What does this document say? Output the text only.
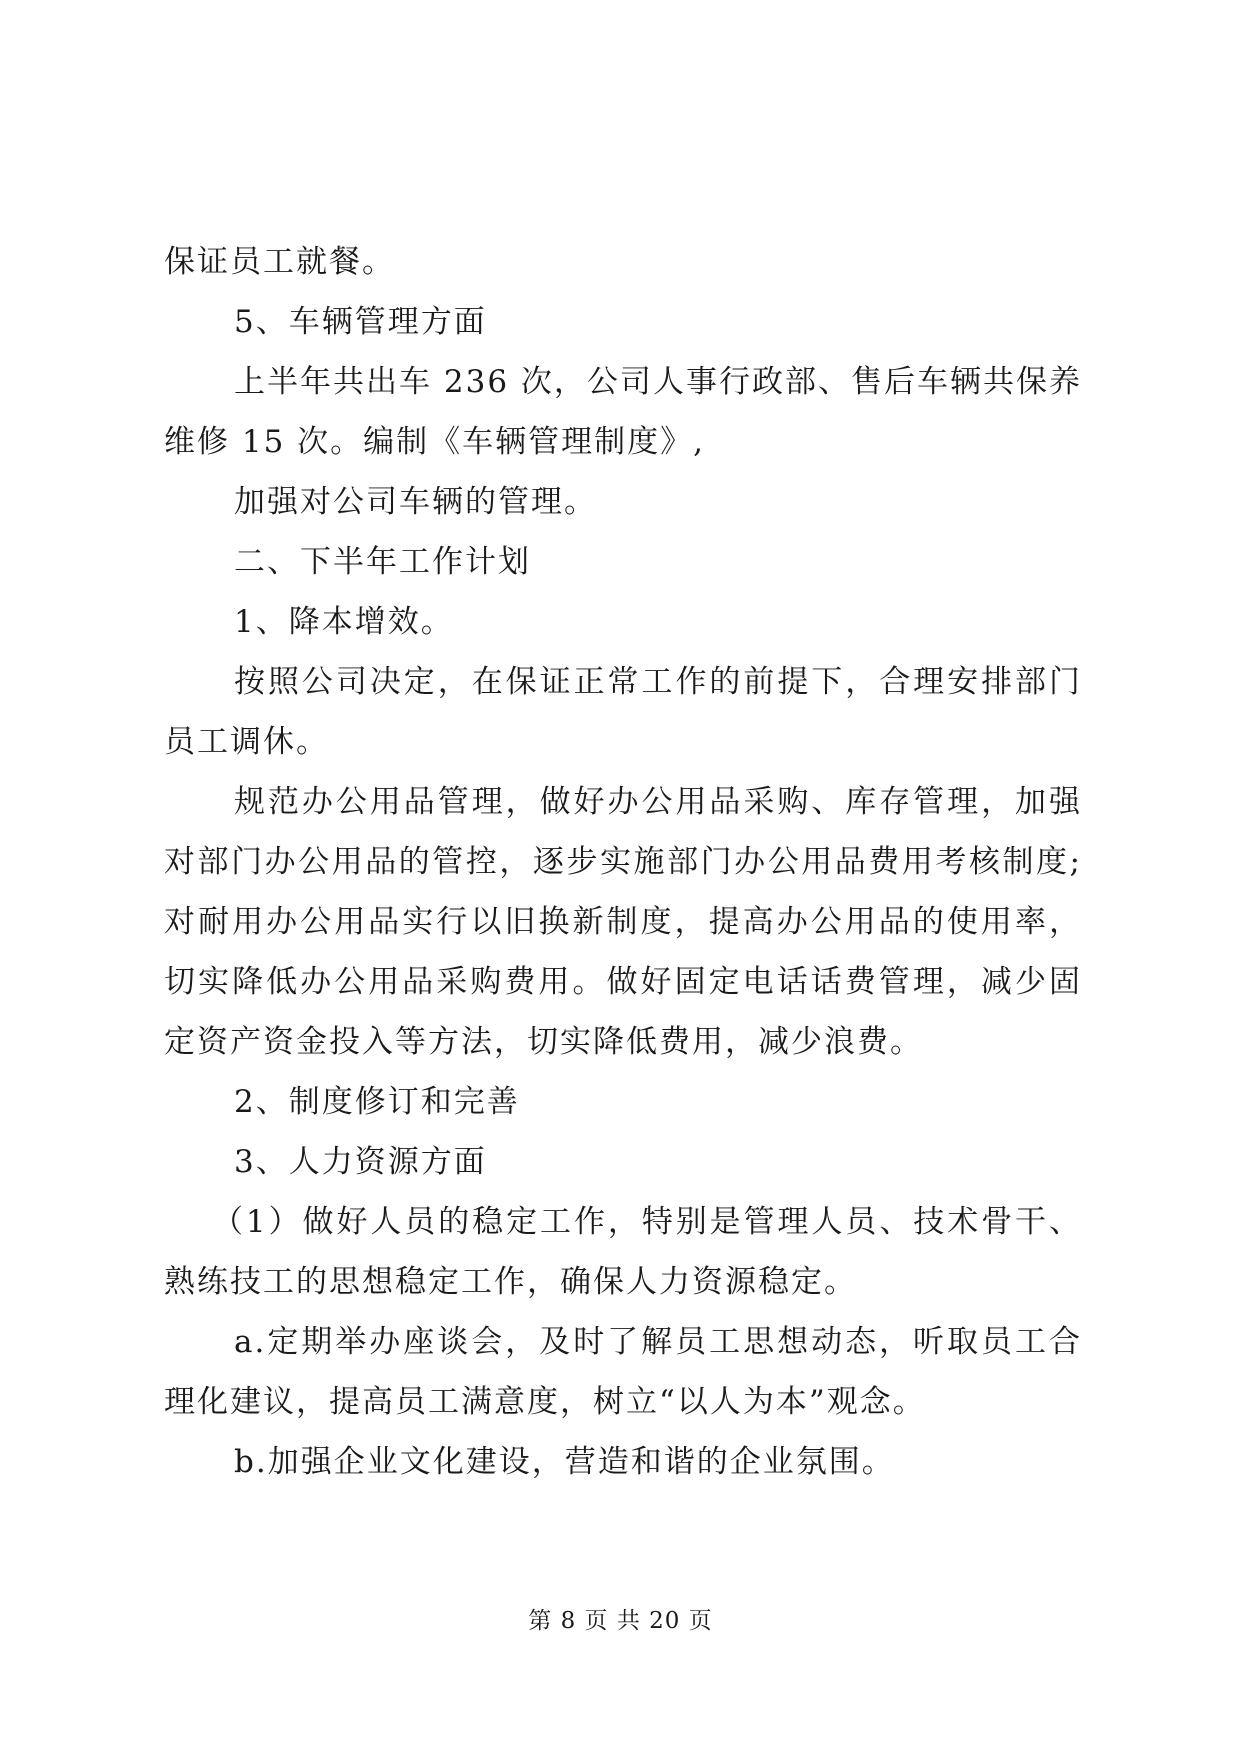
保证员工就餐。

5、车辆管理方面

上半年共出车 236 次，公司人事行政部、售后车辆共保养维修 15 次。编制《车辆管理制度》,

加强对公司车辆的管理。

二、下半年工作计划

1、降本增效。

按照公司决定，在保证正常工作的前提下，合理安排部门员工调休。

规范办公用品管理，做好办公用品采购、库存管理，加强对部门办公用品的管控，逐步实施部门办公用品费用考核制度;对耐用办公用品实行以旧换新制度，提高办公用品的使用率，切实降低办公用品采购费用。做好固定电话话费管理，减少固定资产资金投入等方法，切实降低费用，减少浪费。

2、制度修订和完善

3、人力资源方面

（1）做好人员的稳定工作，特别是管理人员、技术骨干、熟练技工的思想稳定工作，确保人力资源稳定。

a.定期举办座谈会，及时了解员工思想动态，听取员工合理化建议，提高员工满意度，树立“以人为本”观念。

b.加强企业文化建设，营造和谐的企业氛围。

第 8 页 共 20 页
